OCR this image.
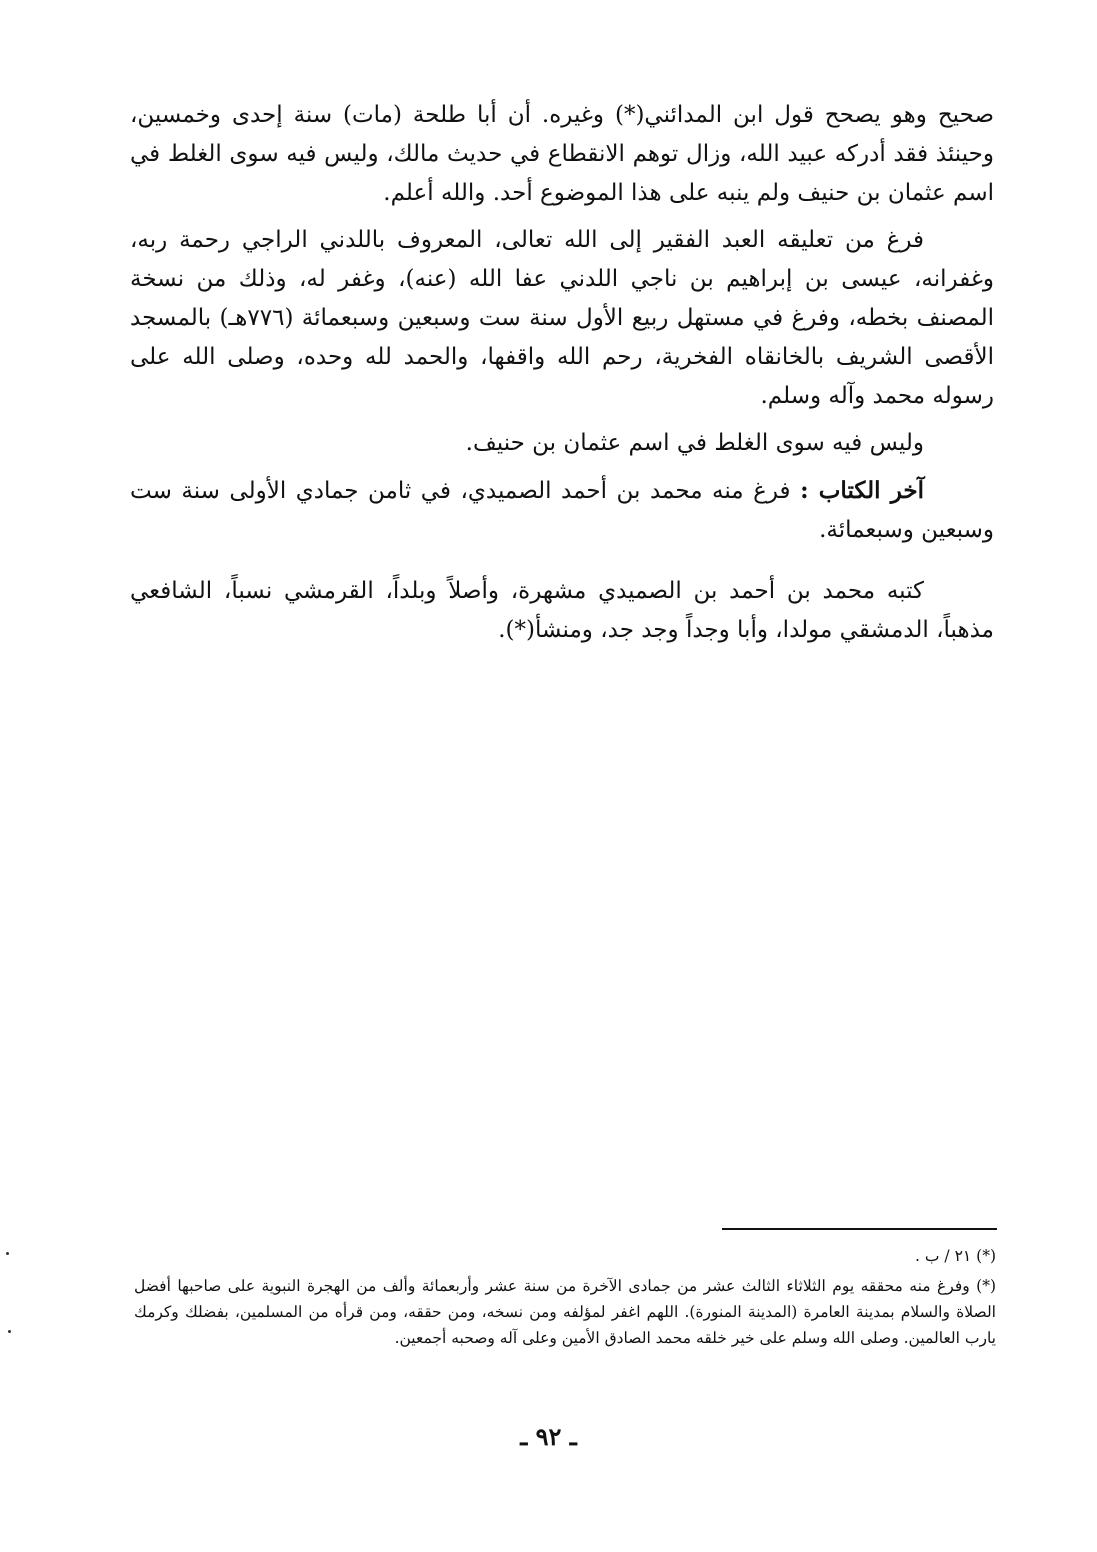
صحيح وهو يصحح قول ابن المدائني(*) وغيره. أن أبا طلحة (مات) سنة إحدى وخمسين، وحينئذ فقد أدركه عبيد الله، وزال توهم الانقطاع في حديث مالك، وليس فيه سوى الغلط في اسم عثمان بن حنيف ولم ينبه على هذا الموضوع أحد. والله أعلم.

فرغ من تعليقه العبد الفقير إلى الله تعالى، المعروف باللدني الراجي رحمة ربه، وغفرانه، عيسى بن إبراهيم بن ناجي اللدني عفا الله (عنه)، وغفر له، وذلك من نسخة المصنف بخطه، وفرغ في مستهل ربيع الأول سنة ست وسبعين وسبعمائة (٧٧٦هـ) بالمسجد الأقصى الشريف بالخانقاه الفخرية، رحم الله واقفها، والحمد لله وحده، وصلى الله على رسوله محمد وآله وسلم.

وليس فيه سوى الغلط في اسم عثمان بن حنيف.

آخر الكتاب : فرغ منه محمد بن أحمد الصميدي، في ثامن جمادي الأولى سنة ست وسبعين وسبعمائة.

كتبه محمد بن أحمد بن الصميدي مشهرة، وأصلاً وبلداً، القرمشي نسباً، الشافعي مذهباً، الدمشقي مولدا، وأبا وجداً وجد جد، ومنشأ(*).

(*) ٢١ / ب .

(*) وفرغ منه محققه يوم الثلاثاء الثالث عشر من جمادى الآخرة من سنة عشر وأربعمائة وألف من الهجرة النبوية على صاحبها أفضل الصلاة والسلام بمدينة العامرة (المدينة المنورة). اللهم اغفر لمؤلفه ومن نسخه، ومن حققه، ومن قرأه من المسلمين، بفضلك وكرمك يارب العالمين. وصلى الله وسلم على خير خلقه محمد الصادق الأمين وعلى آله وصحبه أجمعين.

ـ ٩٢ ـ
